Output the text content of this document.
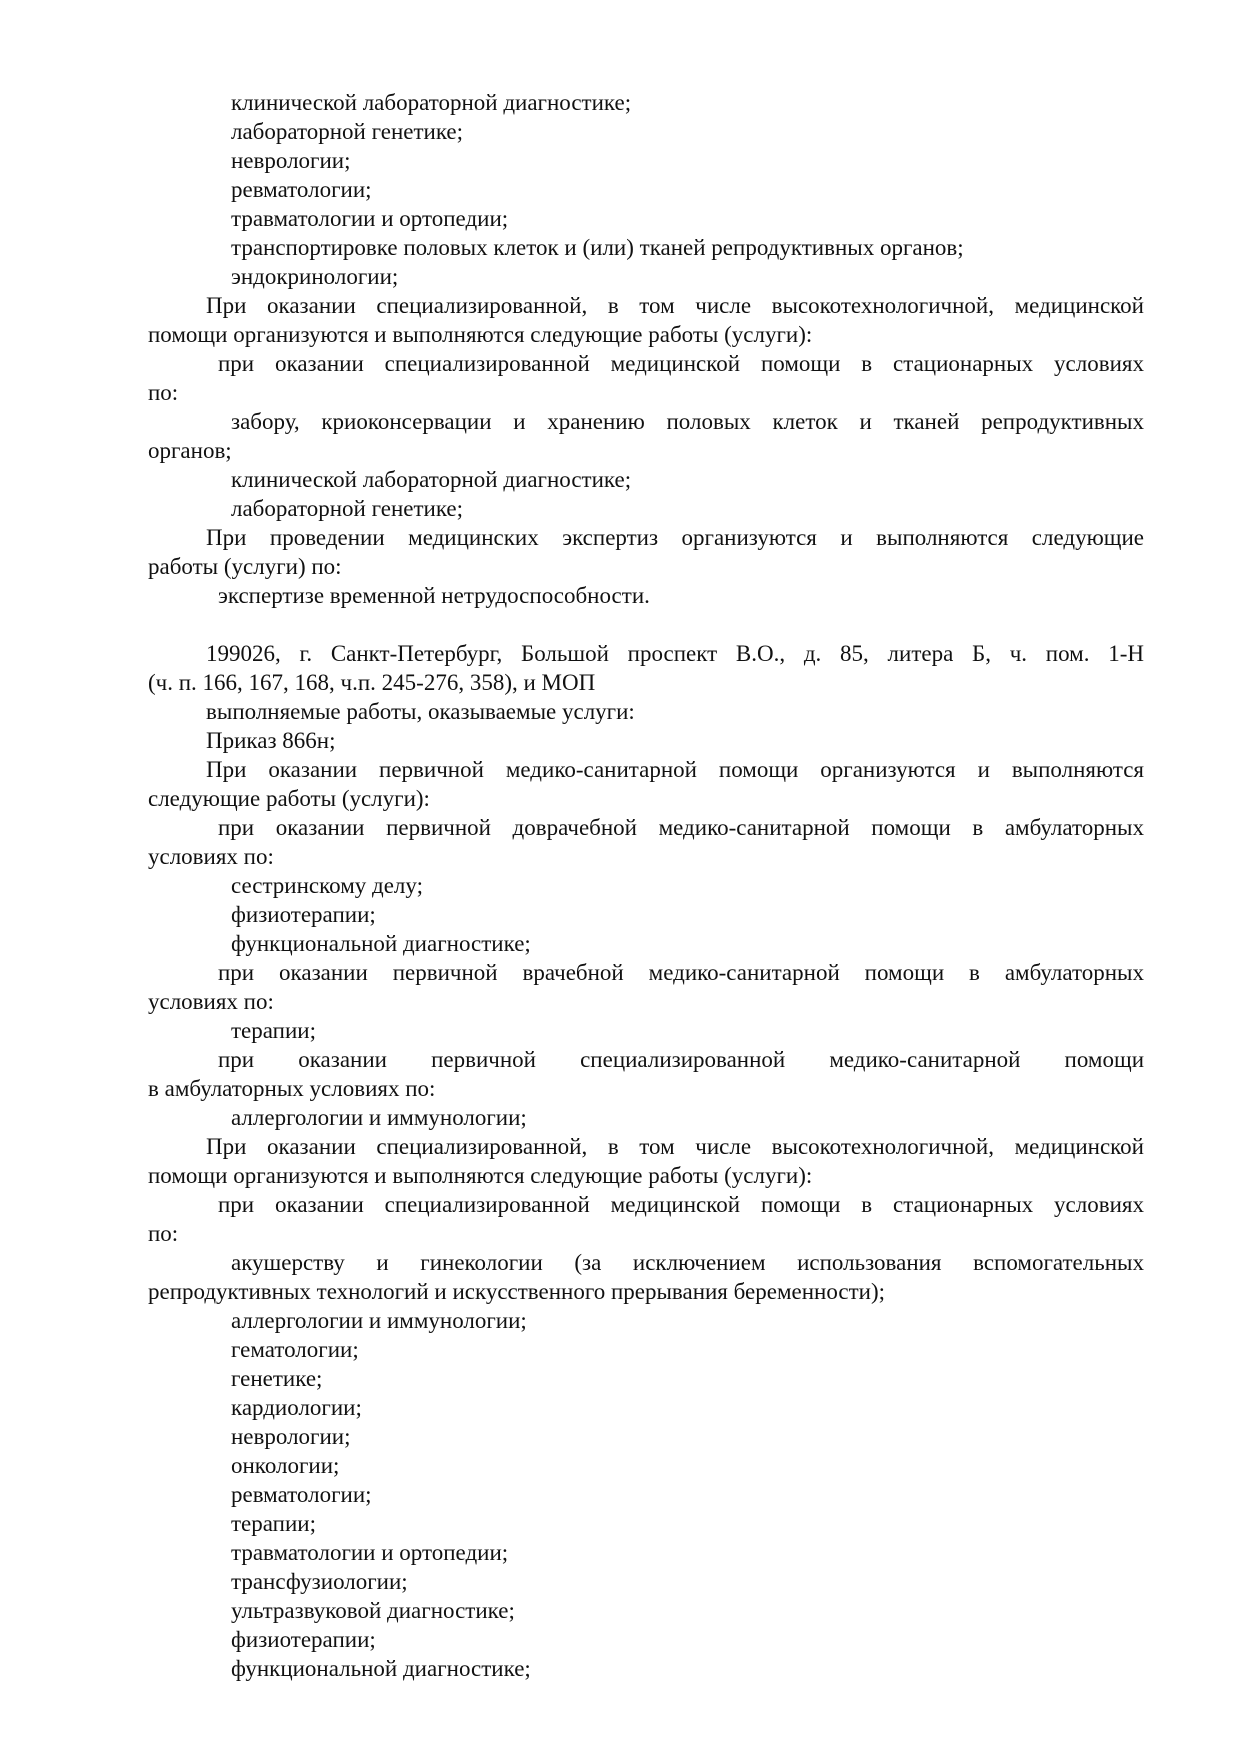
клинической лабораторной диагностике;
лабораторной генетике;
неврологии;
ревматологии;
травматологии и ортопедии;
транспортировке половых клеток и (или) тканей репродуктивных органов;
эндокринологии;
При оказании специализированной, в том числе высокотехнологичной, медицинской
помощи организуются и выполняются следующие работы (услуги):
при оказании специализированной медицинской помощи в стационарных условиях
по:
забору, криоконсервации и хранению половых клеток и тканей репродуктивных
органов;
клинической лабораторной диагностике;
лабораторной генетике;
При проведении медицинских экспертиз организуются и выполняются следующие
работы (услуги) по:
экспертизе временной нетрудоспособности.
199026, г. Санкт-Петербург, Большой проспект В.О., д. 85, литера Б, ч. пом. 1-Н
(ч. п. 166, 167, 168, ч.п. 245-276, 358), и МОП
выполняемые работы, оказываемые услуги:
Приказ 866н;
При оказании первичной медико-санитарной помощи организуются и выполняются
следующие работы (услуги):
при оказании первичной доврачебной медико-санитарной помощи в амбулаторных
условиях по:
сестринскому делу;
физиотерапии;
функциональной диагностике;
при оказании первичной врачебной медико-санитарной помощи в амбулаторных
условиях по:
терапии;
при оказании первичной специализированной медико-санитарной помощи
в амбулаторных условиях по:
аллергологии и иммунологии;
При оказании специализированной, в том числе высокотехнологичной, медицинской
помощи организуются и выполняются следующие работы (услуги):
при оказании специализированной медицинской помощи в стационарных условиях
по:
акушерству и гинекологии (за исключением использования вспомогательных
репродуктивных технологий и искусственного прерывания беременности);
аллергологии и иммунологии;
гематологии;
генетике;
кардиологии;
неврологии;
онкологии;
ревматологии;
терапии;
травматологии и ортопедии;
трансфузиологии;
ультразвуковой диагностике;
физиотерапии;
функциональной диагностике;
